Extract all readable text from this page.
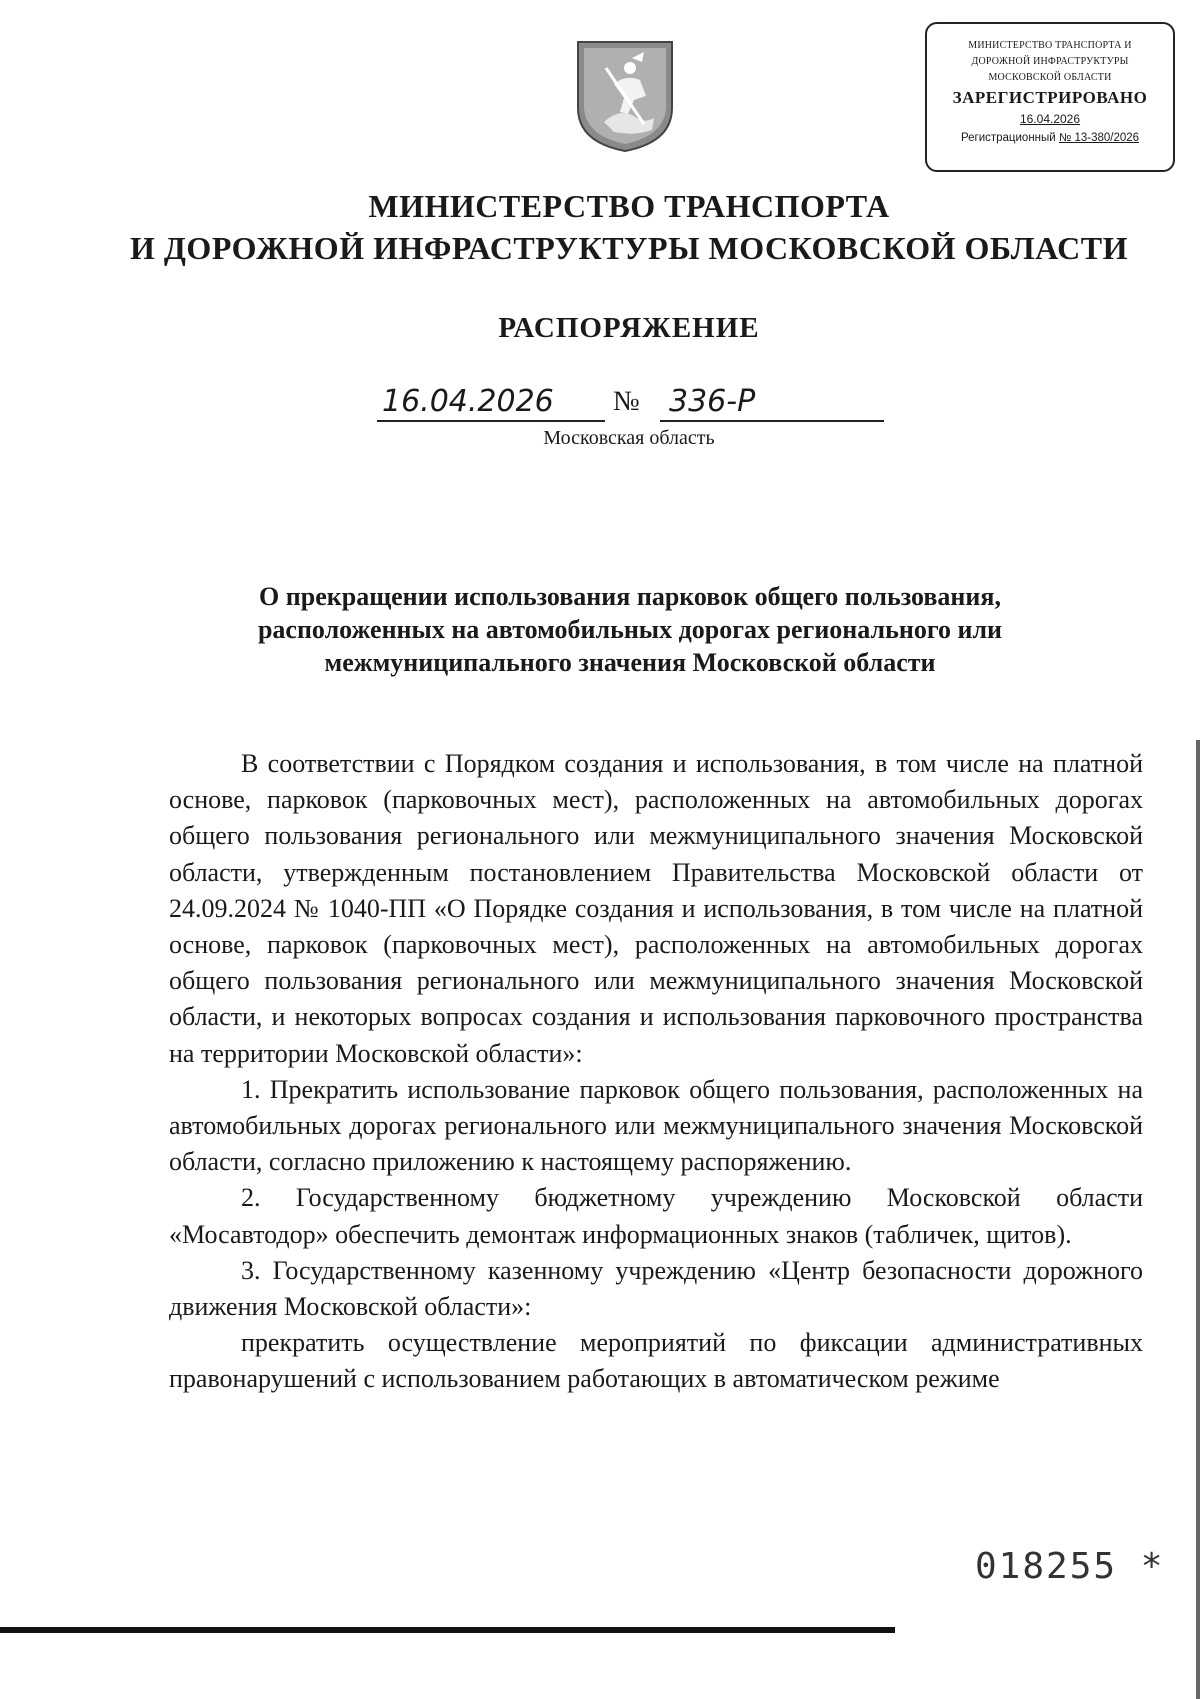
МИНИСТЕРСТВО ТРАНСПОРТА И
ДОРОЖНОЙ ИНФРАСТРУКТУРЫ
МОСКОВСКОЙ ОБЛАСТИ
ЗАРЕГИСТРИРОВАНО
16.04.2026
Регистрационный № 13-380/2026
МИНИСТЕРСТВО ТРАНСПОРТА
И ДОРОЖНОЙ ИНФРАСТРУКТУРЫ МОСКОВСКОЙ ОБЛАСТИ
РАСПОРЯЖЕНИЕ
16.04.2026 № 336-Р
Московская область
О прекращении использования парковок общего пользования,
расположенных на автомобильных дорогах регионального или
межмуниципального значения Московской области

В соответствии с Порядком создания и использования, в том числе на платной основе, парковок (парковочных мест), расположенных на автомобильных дорогах общего пользования регионального или межмуниципального значения Московской области, утвержденным постановлением Правительства Московской области от 24.09.2024 № 1040-ПП «О Порядке создания и использования, в том числе на платной основе, парковок (парковочных мест), расположенных на автомобильных дорогах общего пользования регионального или межмуниципального значения Московской области, и некоторых вопросах создания и использования парковочного пространства на территории Московской области»:

1. Прекратить использование парковок общего пользования, расположенных на автомобильных дорогах регионального или межмуниципального значения Московской области, согласно приложению к настоящему распоряжению.

2. Государственному бюджетному учреждению Московской области «Мосавтодор» обеспечить демонтаж информационных знаков (табличек, щитов).

3. Государственному казенному учреждению «Центр безопасности дорожного движения Московской области»:

прекратить осуществление мероприятий по фиксации административных правонарушений с использованием работающих в автоматическом режиме

018255 *
